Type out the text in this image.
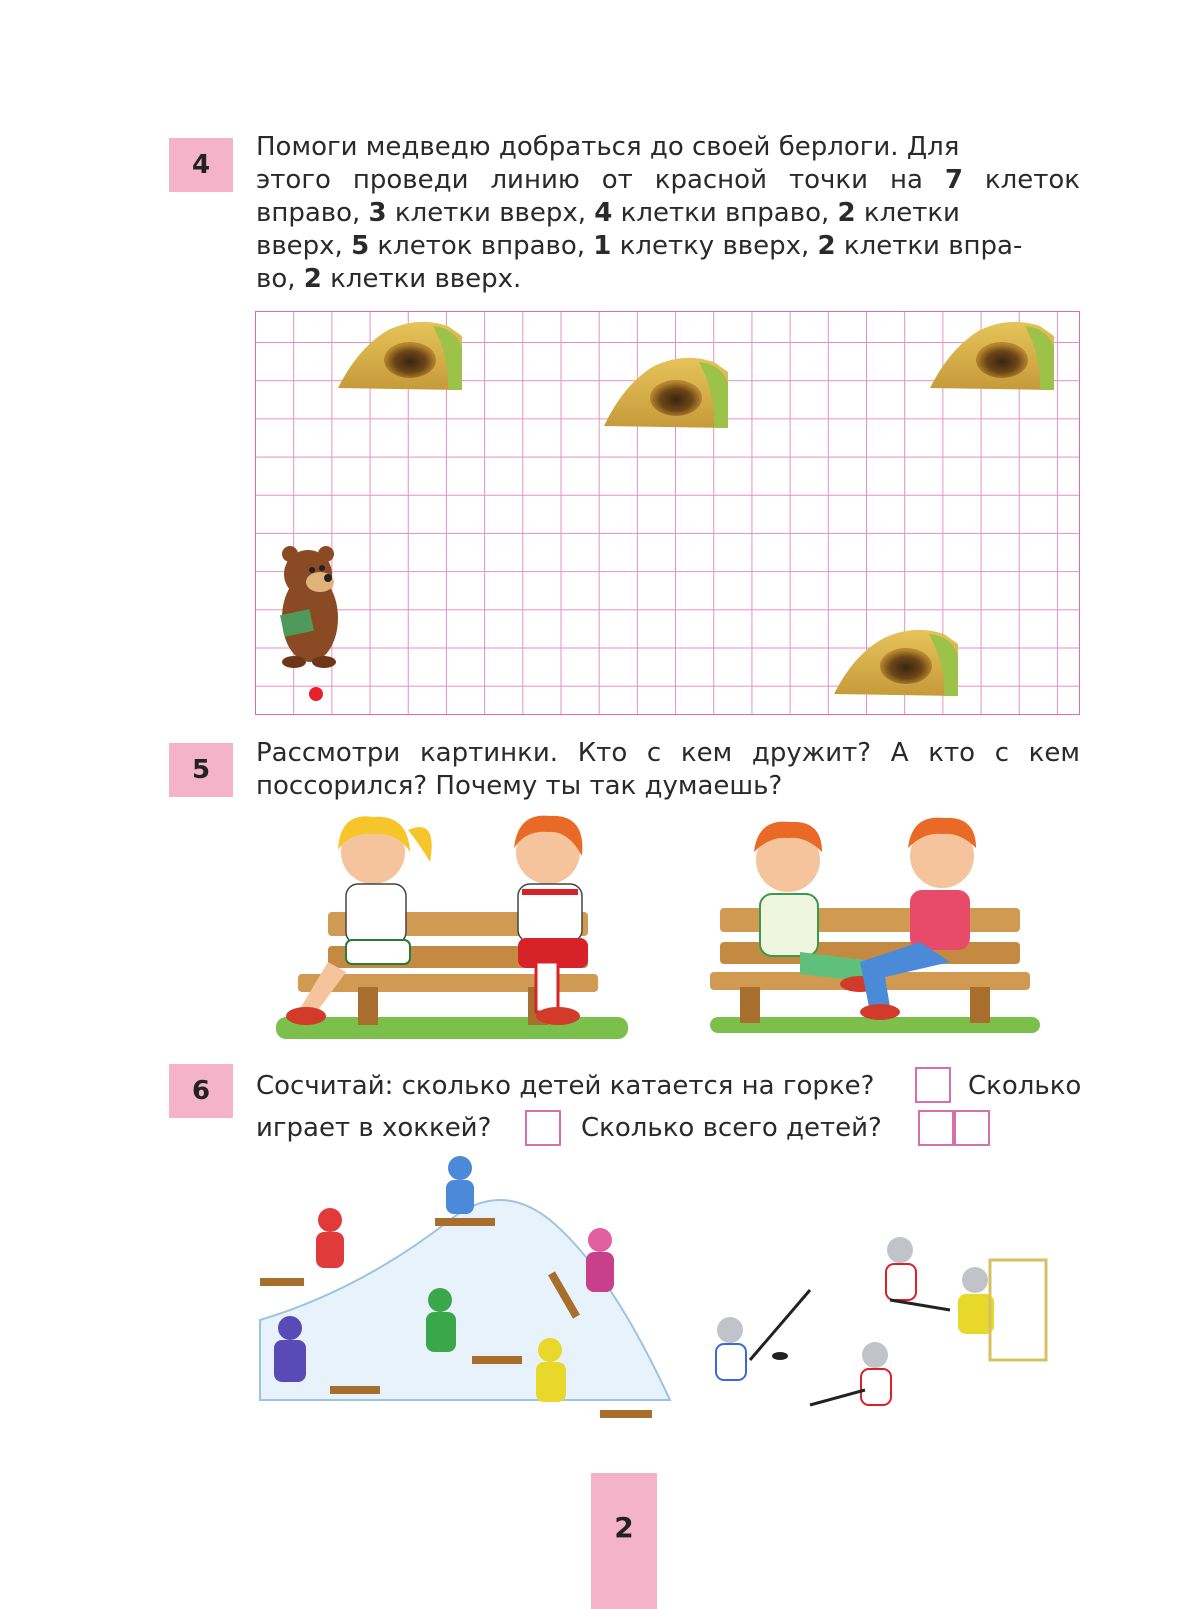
4
Помоги медведю добраться до своей берлоги. Для
этого проведи линию от красной точки на 7 клеток
вправо, 3 клетки вверх, 4 клетки вправо, 2 клетки
вверх, 5 клеток вправо, 1 клетку вверх, 2 клетки впра-
во, 2 клетки вверх.
5
Рассмотри картинки. Кто с кем дружит? А кто с кем
поссорился? Почему ты так думаешь?
6 Сосчитай: сколько детей катается на горке?	Сколько
играет в хоккей?	Сколько всего детей?
2
